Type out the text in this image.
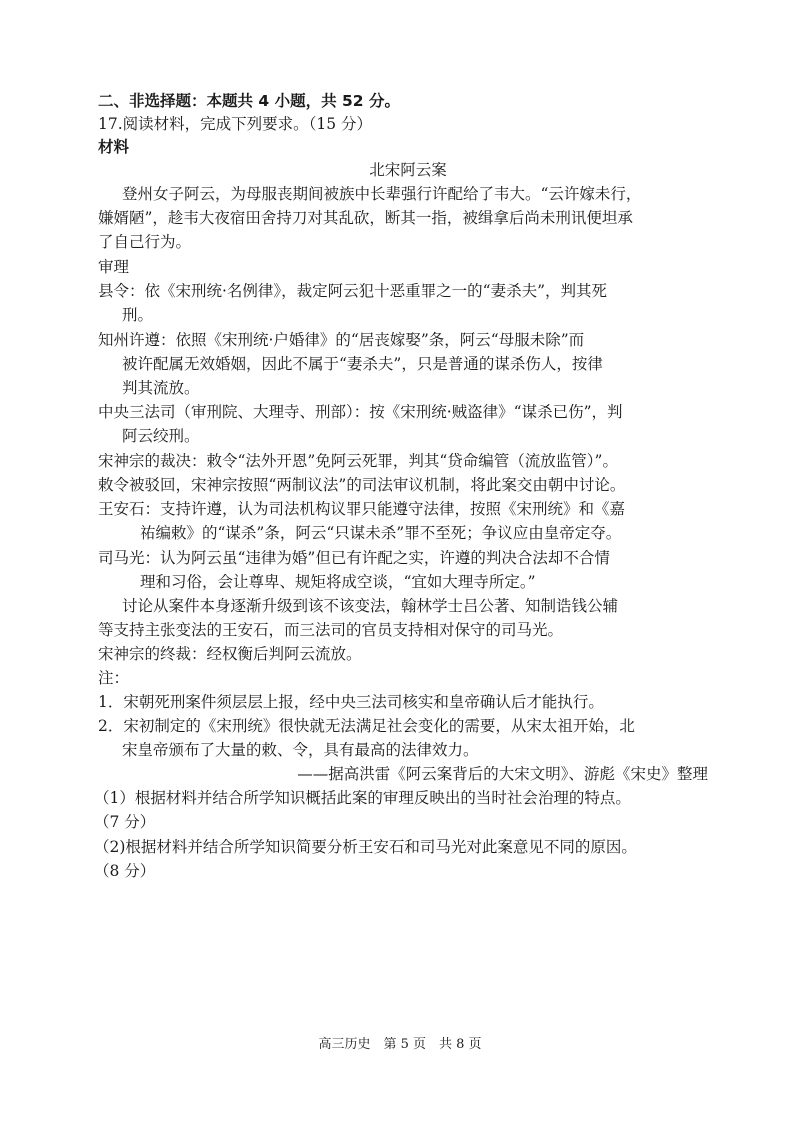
二、非选择题：本题共 4 小题，共 52 分。
17.阅读材料，完成下列要求。（15 分）
材料
北宋阿云案
登州女子阿云，为母服丧期间被族中长辈强行许配给了韦大。“云许嫁未行，
嫌婿陋”，趁韦大夜宿田舍持刀对其乱砍，断其一指，被缉拿后尚未刑讯便坦承
了自己行为。
审理
县令：依《宋刑统·名例律》，裁定阿云犯十恶重罪之一的“妻杀夫”，判其死
刑。
知州许遵：依照《宋刑统·户婚律》的“居丧嫁娶”条，阿云“母服未除”而
被许配属无效婚姻，因此不属于“妻杀夫”，只是普通的谋杀伤人，按律
判其流放。
中央三法司（审刑院、大理寺、刑部）：按《宋刑统·贼盗律》“谋杀已伤”，判
阿云绞刑。
宋神宗的裁决：敕令“法外开恩”免阿云死罪，判其“贷命编管（流放监管）”。
敕令被驳回，宋神宗按照“两制议法”的司法审议机制，将此案交由朝中讨论。
王安石：支持许遵，认为司法机构议罪只能遵守法律，按照《宋刑统》和《嘉
祐编敕》的“谋杀”条，阿云“只谋未杀”罪不至死；争议应由皇帝定夺。
司马光：认为阿云虽“违律为婚”但已有许配之实，许遵的判决合法却不合情
理和习俗，会让尊卑、规矩将成空谈，“宜如大理寺所定。”
讨论从案件本身逐渐升级到该不该变法，翰林学士吕公著、知制诰钱公辅
等支持主张变法的王安石，而三法司的官员支持相对保守的司马光。
宋神宗的终裁：经权衡后判阿云流放。
注：
1．宋朝死刑案件须层层上报，经中央三法司核实和皇帝确认后才能执行。
2．宋初制定的《宋刑统》很快就无法满足社会变化的需要，从宋太祖开始，北
宋皇帝颁布了大量的敕、令，具有最高的法律效力。
——据高洪雷《阿云案背后的大宋文明》、游彪《宋史》整理
（1）根据材料并结合所学知识概括此案的审理反映出的当时社会治理的特点。
（7 分）
（2)根据材料并结合所学知识简要分析王安石和司马光对此案意见不同的原因。
（8 分）
高三历史　第 5 页　共 8 页
